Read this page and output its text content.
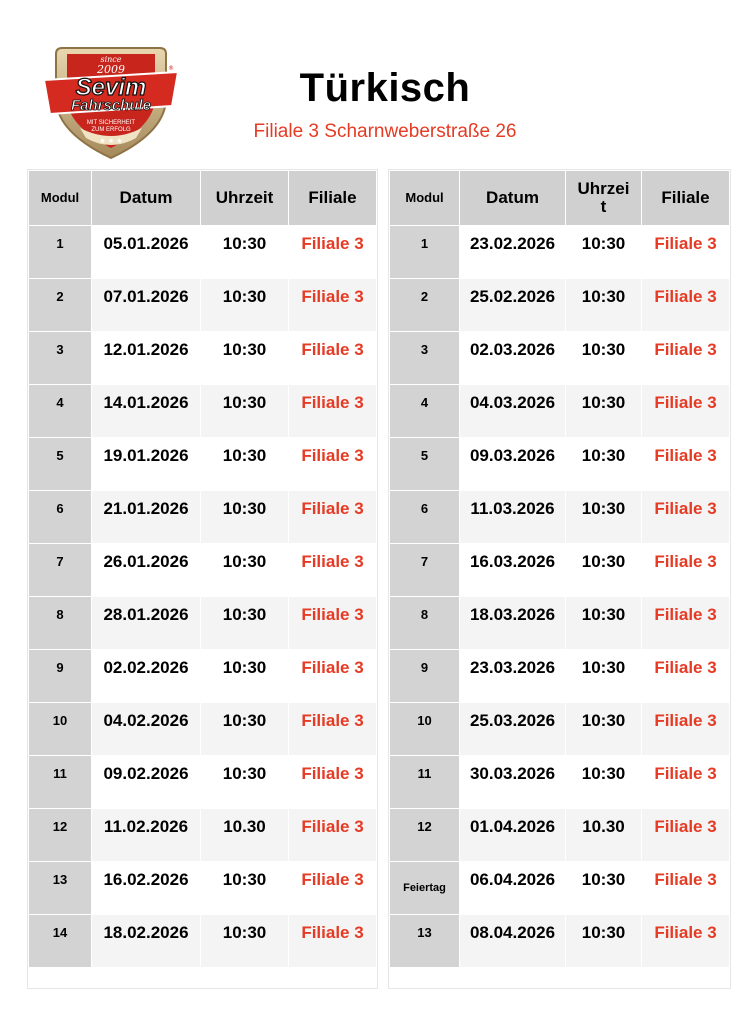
since
2009
Sevim
Fahrschule
MIT SICHERHEIT
ZUM ERFOLG
★ ★ ★
®	Türkisch
Filiale 3 Scharnweberstraße 26
Modul	Datum	Uhrzeit	Filiale
1	05.01.2026	10:30	Filiale 3
2	07.01.2026	10:30	Filiale 3
3	12.01.2026	10:30	Filiale 3
4	14.01.2026	10:30	Filiale 3
5	19.01.2026	10:30	Filiale 3
6	21.01.2026	10:30	Filiale 3
7	26.01.2026	10:30	Filiale 3
8	28.01.2026	10:30	Filiale 3
9	02.02.2026	10:30	Filiale 3
10	04.02.2026	10:30	Filiale 3
11	09.02.2026	10:30	Filiale 3
12	11.02.2026	10.30	Filiale 3
13	16.02.2026	10:30	Filiale 3
14	18.02.2026	10:30	Filiale 3
Modul	Datum	Uhrzei
t	Filiale
1	23.02.2026	10:30	Filiale 3
2	25.02.2026	10:30	Filiale 3
3	02.03.2026	10:30	Filiale 3
4	04.03.2026	10:30	Filiale 3
5	09.03.2026	10:30	Filiale 3
6	11.03.2026	10:30	Filiale 3
7	16.03.2026	10:30	Filiale 3
8	18.03.2026	10:30	Filiale 3
9	23.03.2026	10:30	Filiale 3
10	25.03.2026	10:30	Filiale 3
11	30.03.2026	10:30	Filiale 3
12	01.04.2026	10.30	Filiale 3
Feiertag	06.04.2026	10:30	Filiale 3
13	08.04.2026	10:30	Filiale 3
